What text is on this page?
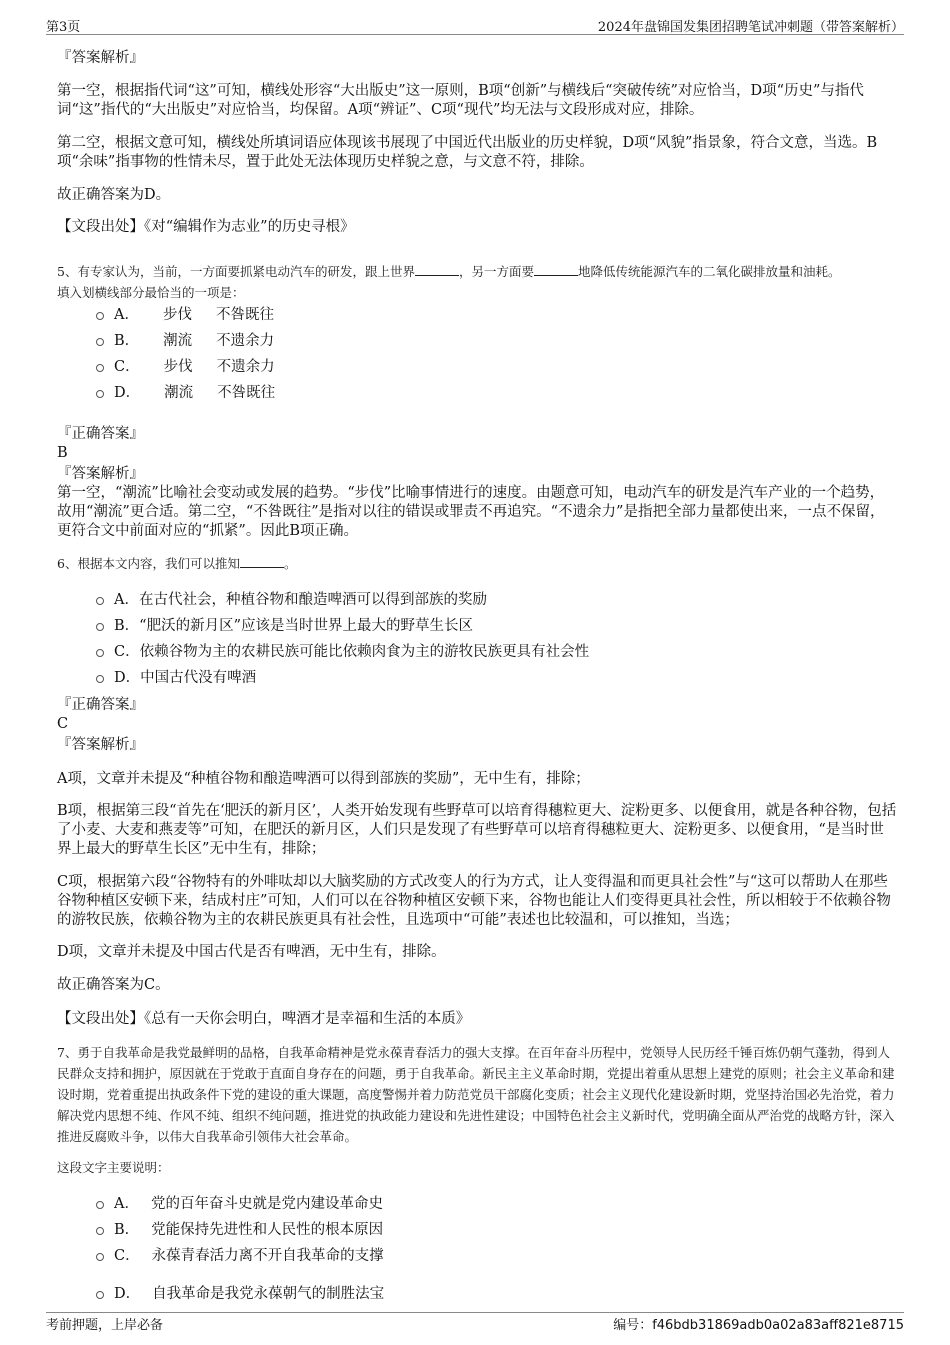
第3页	2024年盘锦国发集团招聘笔试冲刺题（带答案解析）
『答案解析』
第一空，根据指代词“这”可知，横线处形容“大出版史”这一原则，B项“创新”与横线后“突破传统”对应恰当，D项“历史”与指代词“这”指代的“大出版史”对应恰当，均保留。A项“辨证”、C项“现代”均无法与文段形成对应，排除。
第二空，根据文意可知，横线处所填词语应体现该书展现了中国近代出版业的历史样貌，D项“风貌”指景象，符合文意，当选。B项“余味”指事物的性情未尽，置于此处无法体现历史样貌之意，与文意不符，排除。
故正确答案为D。
【文段出处】《对“编辑作为志业”的历史寻根》
5、有专家认为，当前，一方面要抓紧电动汽车的研发，跟上世界	，另一方面要	地降低传统能源汽车的二氧化碳排放量和油耗。
填入划横线部分最恰当的一项是：
A． 步伐 不咎既往
B． 潮流 不遗余力
C． 步伐 不遗余力
D． 潮流 不咎既往
『正确答案』
B
『答案解析』
第一空，“潮流”比喻社会变动或发展的趋势。“步伐”比喻事情进行的速度。由题意可知，电动汽车的研发是汽车产业的一个趋势，故用“潮流”更合适。第二空，“不咎既往”是指对以往的错误或罪责不再追究。“不遗余力”是指把全部力量都使出来，一点不保留，更符合文中前面对应的“抓紧”。因此B项正确。
6、根据本文内容，我们可以推知	。
A．在古代社会，种植谷物和酿造啤酒可以得到部族的奖励
B．“肥沃的新月区”应该是当时世界上最大的野草生长区
C．依赖谷物为主的农耕民族可能比依赖肉食为主的游牧民族更具有社会性
D．中国古代没有啤酒
『正确答案』
C
『答案解析』
A项，文章并未提及“种植谷物和酿造啤酒可以得到部族的奖励”，无中生有，排除；
B项，根据第三段“首先在‘肥沃的新月区’，人类开始发现有些野草可以培育得穗粒更大、淀粉更多、以便食用，就是各种谷物，包括了小麦、大麦和燕麦等”可知，在肥沃的新月区，人们只是发现了有些野草可以培育得穗粒更大、淀粉更多、以便食用，“是当时世界上最大的野草生长区”无中生有，排除；
C项，根据第六段“谷物特有的外啡呔却以大脑奖励的方式改变人的行为方式，让人变得温和而更具社会性”与“这可以帮助人在那些谷物种植区安顿下来，结成村庄”可知，人们可以在谷物种植区安顿下来，谷物也能让人们变得更具社会性，所以相较于不依赖谷物的游牧民族，依赖谷物为主的农耕民族更具有社会性，且选项中“可能”表述也比较温和，可以推知，当选；
D项，文章并未提及中国古代是否有啤酒，无中生有，排除。
故正确答案为C。
【文段出处】《总有一天你会明白，啤酒才是幸福和生活的本质》
7、勇于自我革命是我党最鲜明的品格，自我革命精神是党永葆青春活力的强大支撑。在百年奋斗历程中，党领导人民历经千锤百炼仍朝气蓬勃，得到人民群众支持和拥护，原因就在于党敢于直面自身存在的问题，勇于自我革命。新民主主义革命时期，党提出着重从思想上建党的原则；社会主义革命和建设时期，党着重提出执政条件下党的建设的重大课题，高度警惕并着力防范党员干部腐化变质；社会主义现代化建设新时期，党坚持治国必先治党，着力解决党内思想不纯、作风不纯、组织不纯问题，推进党的执政能力建设和先进性建设；中国特色社会主义新时代，党明确全面从严治党的战略方针，深入推进反腐败斗争，以伟大自我革命引领伟大社会革命。
这段文字主要说明：
A． 党的百年奋斗史就是党内建设革命史
B． 党能保持先进性和人民性的根本原因
C． 永葆青春活力离不开自我革命的支撑
D． 自我革命是我党永葆朝气的制胜法宝
考前押题，上岸必备	编号：f46bdb31869adb0a02a83aff821e8715
